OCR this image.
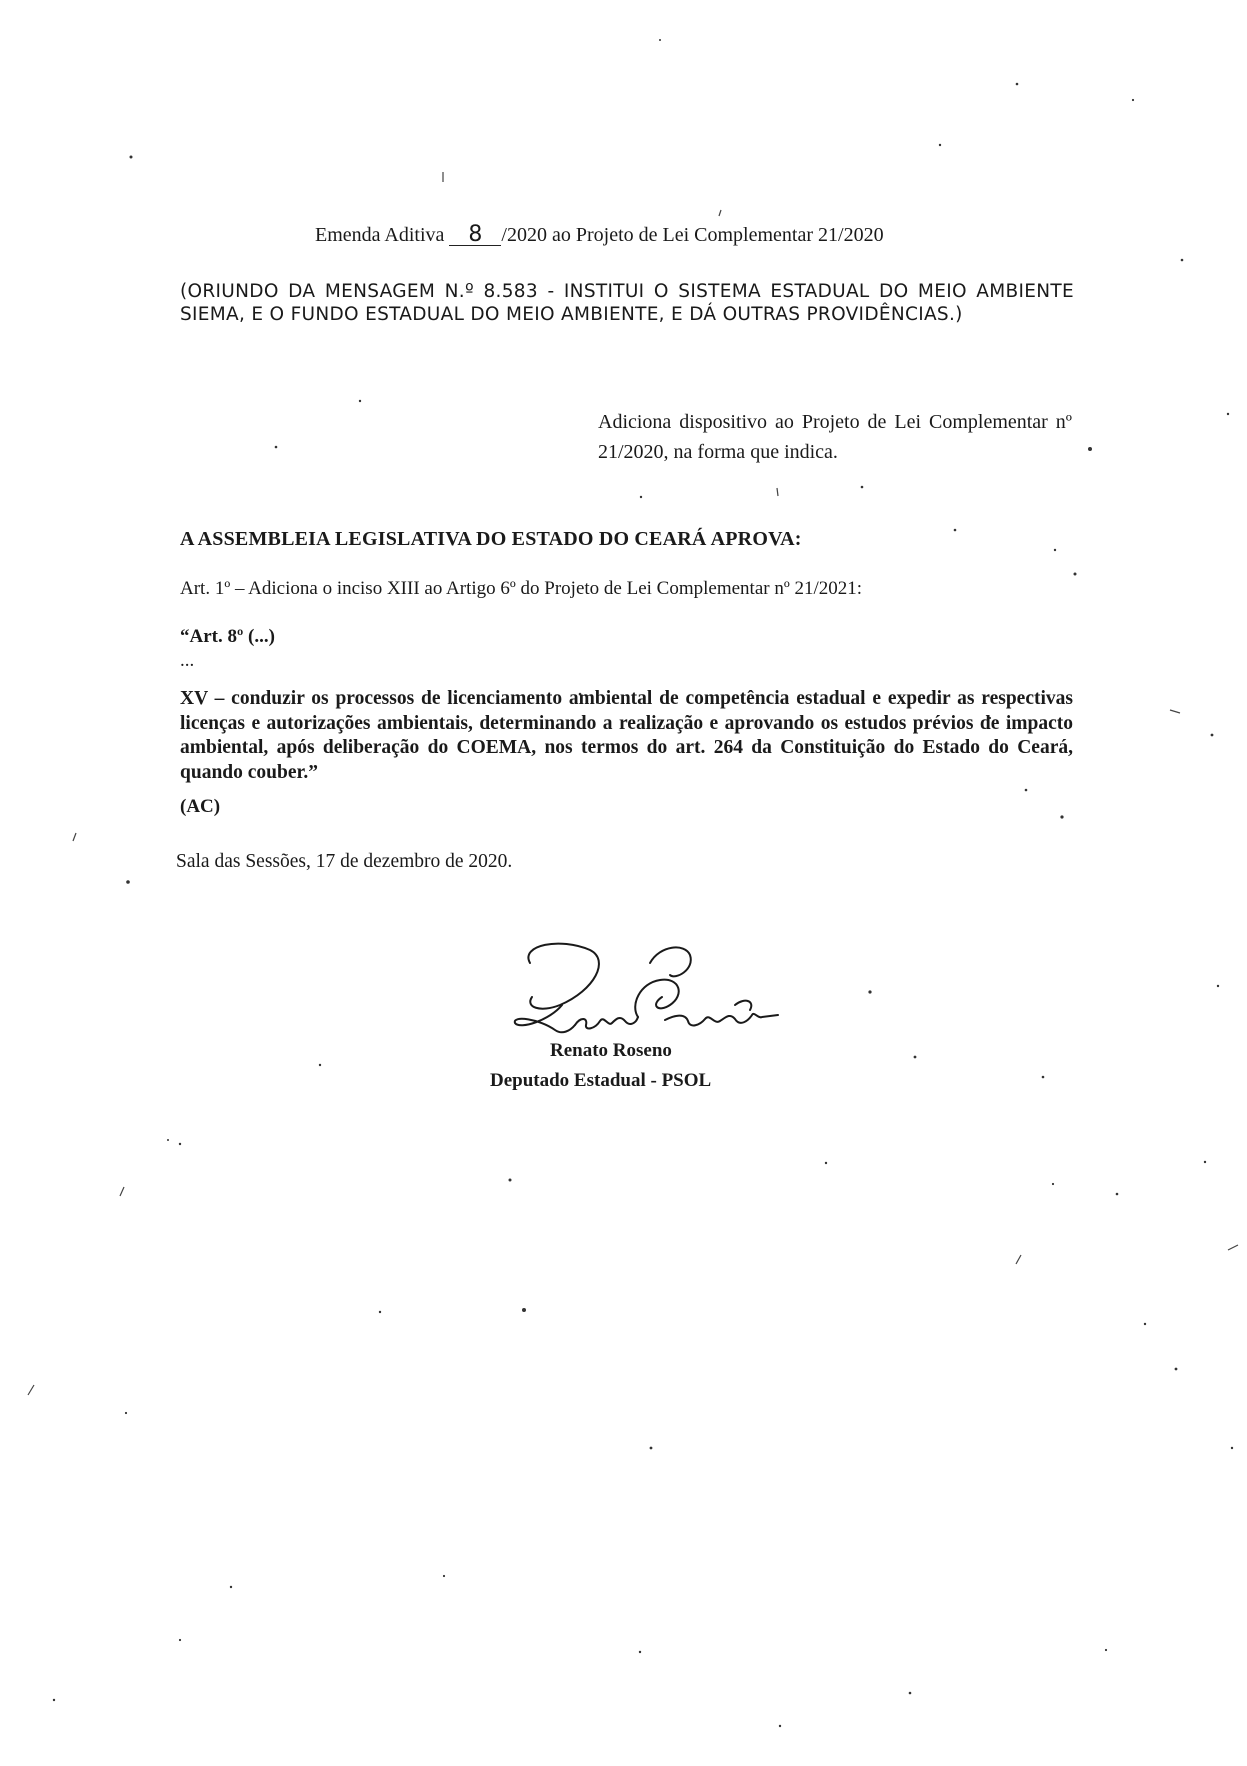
Emenda Aditiva 8 /2020 ao Projeto de Lei Complementar 21/2020
(ORIUNDO DA MENSAGEM N.º 8.583 - INSTITUI O SISTEMA ESTADUAL DO MEIO AMBIENTE SIEMA, E O FUNDO ESTADUAL DO MEIO AMBIENTE, E DÁ OUTRAS PROVIDÊNCIAS.)
Adiciona dispositivo ao Projeto de Lei Complementar nº 21/2020, na forma que indica.
A ASSEMBLEIA LEGISLATIVA DO ESTADO DO CEARÁ APROVA:
Art. 1º – Adiciona o inciso XIII ao Artigo 6º do Projeto de Lei Complementar nº 21/2021:
“Art. 8º (...)
...
XV – conduzir os processos de licenciamento ambiental de competência estadual e expedir as respectivas licenças e autorizações ambientais, determinando a realização e aprovando os estudos prévios de impacto ambiental, após deliberação do COEMA, nos termos do art. 264 da Constituição do Estado do Ceará, quando couber.”
(AC)
Sala das Sessões, 17 de dezembro de 2020.
Renato Roseno
Deputado Estadual - PSOL
